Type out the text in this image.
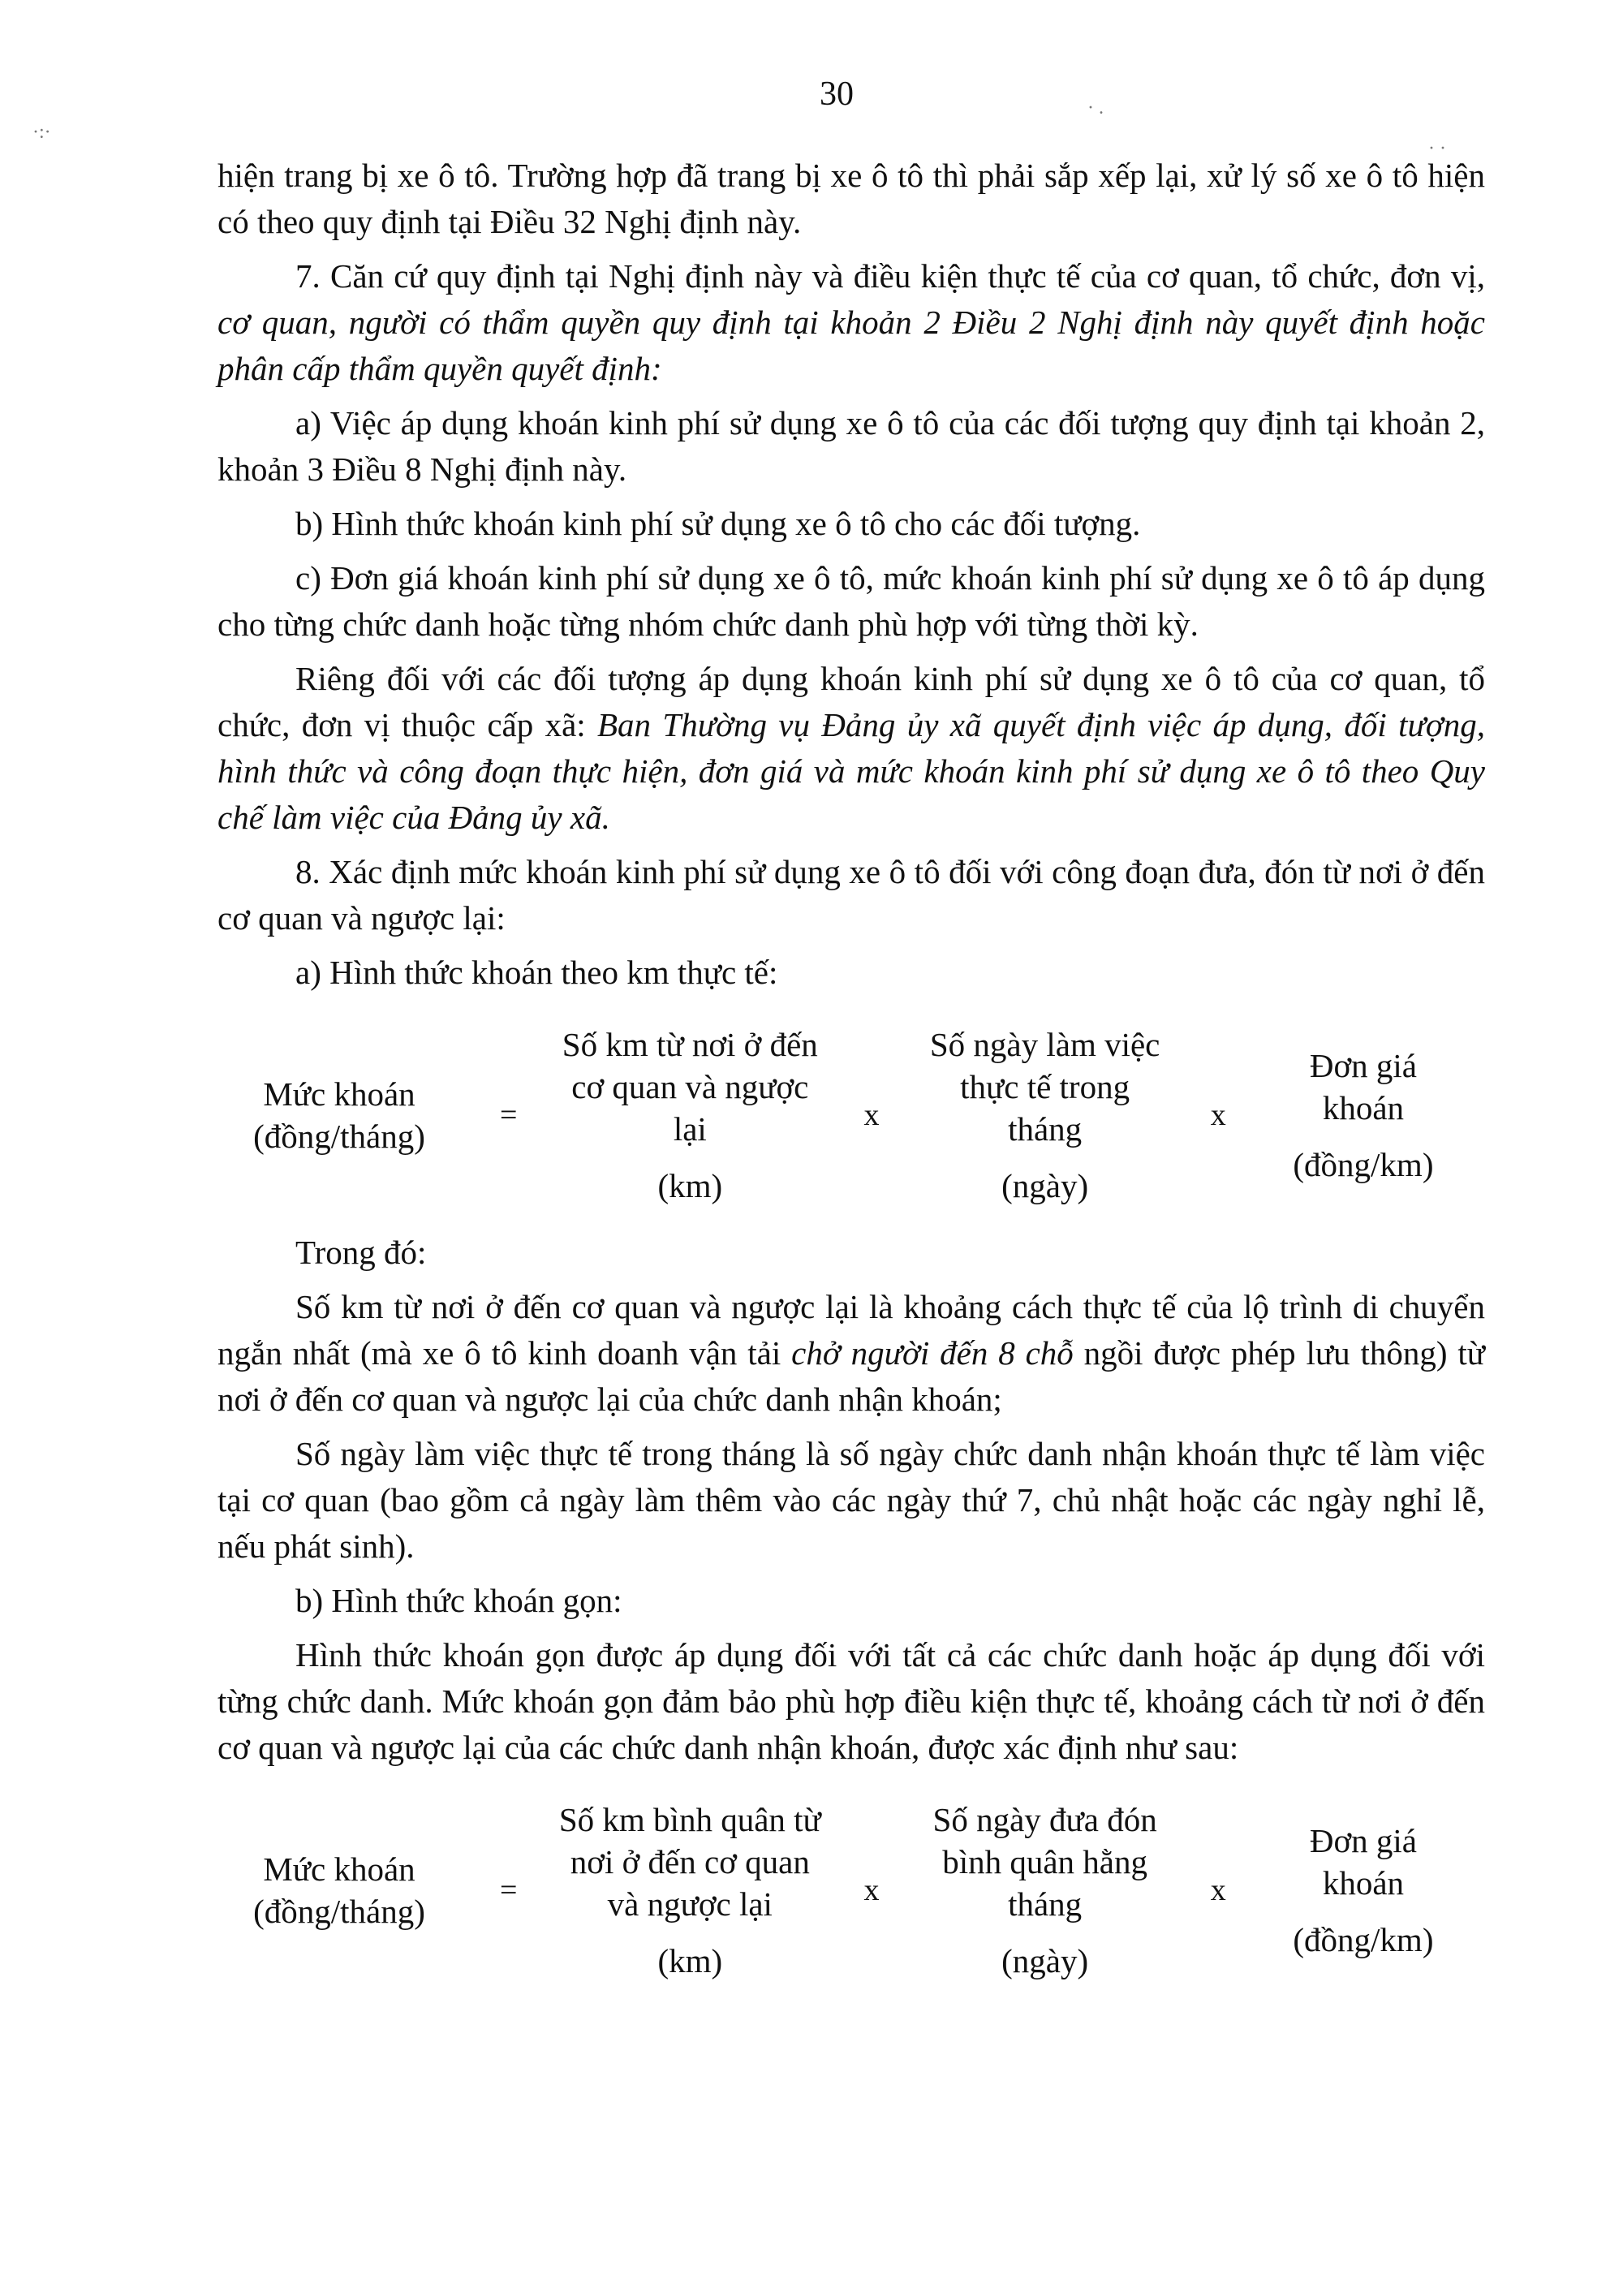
30
·:·
· .
· ·

hiện trang bị xe ô tô. Trường hợp đã trang bị xe ô tô thì phải sắp xếp lại, xử lý số xe ô tô hiện có theo quy định tại Điều 32 Nghị định này.

7. Căn cứ quy định tại Nghị định này và điều kiện thực tế của cơ quan, tổ chức, đơn vị, cơ quan, người có thẩm quyền quy định tại khoản 2 Điều 2 Nghị định này quyết định hoặc phân cấp thẩm quyền quyết định:

a) Việc áp dụng khoán kinh phí sử dụng xe ô tô của các đối tượng quy định tại khoản 2, khoản 3 Điều 8 Nghị định này.

b) Hình thức khoán kinh phí sử dụng xe ô tô cho các đối tượng.

c) Đơn giá khoán kinh phí sử dụng xe ô tô, mức khoán kinh phí sử dụng xe ô tô áp dụng cho từng chức danh hoặc từng nhóm chức danh phù hợp với từng thời kỳ.

Riêng đối với các đối tượng áp dụng khoán kinh phí sử dụng xe ô tô của cơ quan, tổ chức, đơn vị thuộc cấp xã: Ban Thường vụ Đảng ủy xã quyết định việc áp dụng, đối tượng, hình thức và công đoạn thực hiện, đơn giá và mức khoán kinh phí sử dụng xe ô tô theo Quy chế làm việc của Đảng ủy xã.

8. Xác định mức khoán kinh phí sử dụng xe ô tô đối với công đoạn đưa, đón từ nơi ở đến cơ quan và ngược lại:

a) Hình thức khoán theo km thực tế:

Mức khoán (đồng/tháng)
=
Số km từ nơi ở đến cơ quan và ngược lại
(km)
x
Số ngày làm việc thực tế trong tháng
(ngày)
x
Đơn giá khoán
(đồng/km)

Trong đó:

Số km từ nơi ở đến cơ quan và ngược lại là khoảng cách thực tế của lộ trình di chuyển ngắn nhất (mà xe ô tô kinh doanh vận tải chở người đến 8 chỗ ngồi được phép lưu thông) từ nơi ở đến cơ quan và ngược lại của chức danh nhận khoán;

Số ngày làm việc thực tế trong tháng là số ngày chức danh nhận khoán thực tế làm việc tại cơ quan (bao gồm cả ngày làm thêm vào các ngày thứ 7, chủ nhật hoặc các ngày nghỉ lễ, nếu phát sinh).

b) Hình thức khoán gọn:

Hình thức khoán gọn được áp dụng đối với tất cả các chức danh hoặc áp dụng đối với từng chức danh. Mức khoán gọn đảm bảo phù hợp điều kiện thực tế, khoảng cách từ nơi ở đến cơ quan và ngược lại của các chức danh nhận khoán, được xác định như sau:

Mức khoán (đồng/tháng)
=
Số km bình quân từ nơi ở đến cơ quan và ngược lại
(km)
x
Số ngày đưa đón bình quân hằng tháng
(ngày)
x
Đơn giá khoán
(đồng/km)
